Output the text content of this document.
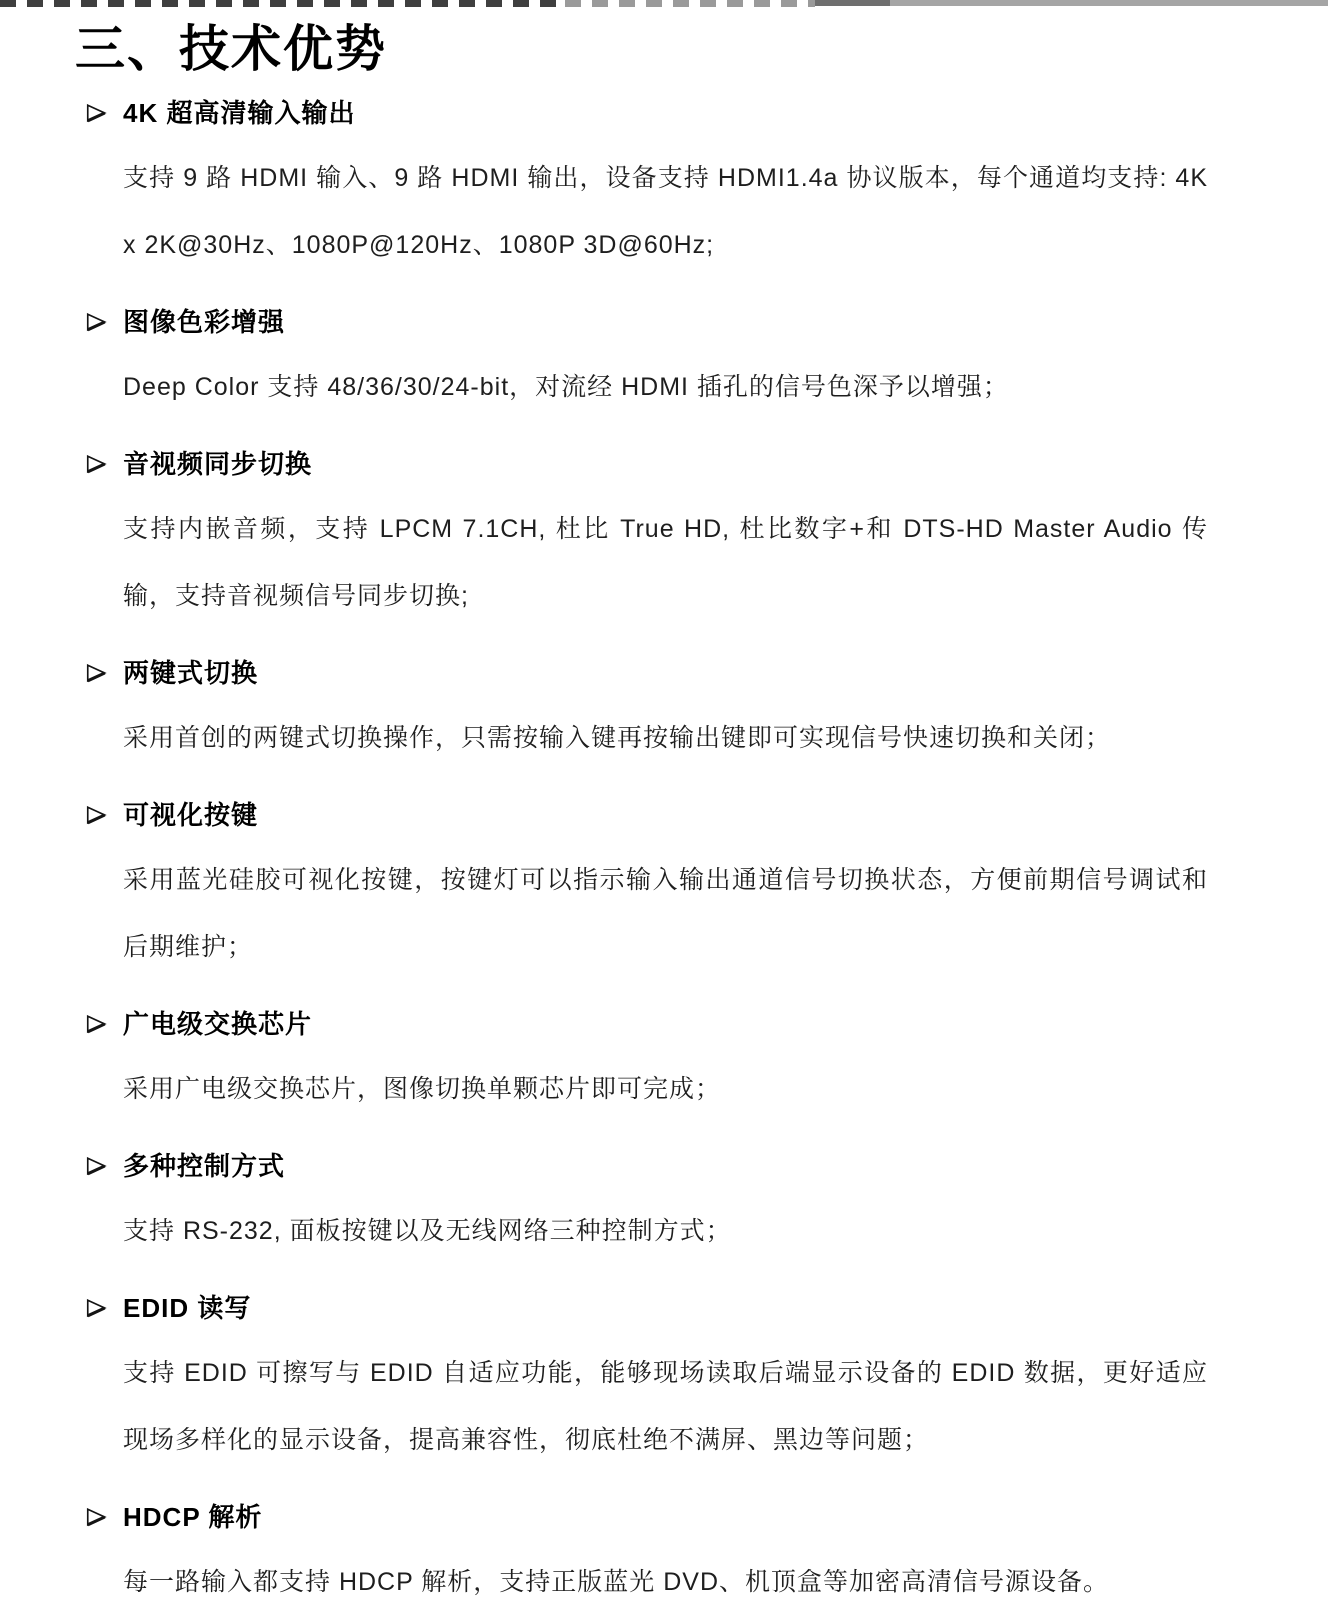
三、技术优势
4K 超高清输入输出

支持 9 路 HDMI 输入、9 路 HDMI 输出，设备支持 HDMI1.4a 协议版本，每个通道均支持: 4K x 2K@30Hz、1080P@120Hz、1080P 3D@60Hz;

图像色彩增强

Deep Color 支持 48/36/30/24-bit，对流经 HDMI 插孔的信号色深予以增强；

音视频同步切换

支持内嵌音频，支持 LPCM 7.1CH, 杜比 True HD, 杜比数字+和 DTS-HD Master Audio 传输，支持音视频信号同步切换;

两键式切换

采用首创的两键式切换操作，只需按输入键再按输出键即可实现信号快速切换和关闭；

可视化按键

采用蓝光硅胶可视化按键，按键灯可以指示输入输出通道信号切换状态，方便前期信号调试和后期维护；

广电级交换芯片

采用广电级交换芯片，图像切换单颗芯片即可完成；

多种控制方式

支持 RS-232, 面板按键以及无线网络三种控制方式；

EDID 读写

支持 EDID 可擦写与 EDID 自适应功能，能够现场读取后端显示设备的 EDID 数据，更好适应现场多样化的显示设备，提高兼容性，彻底杜绝不满屏、黑边等问题；

HDCP 解析

每一路输入都支持 HDCP 解析，支持正版蓝光 DVD、机顶盒等加密高清信号源设备。
